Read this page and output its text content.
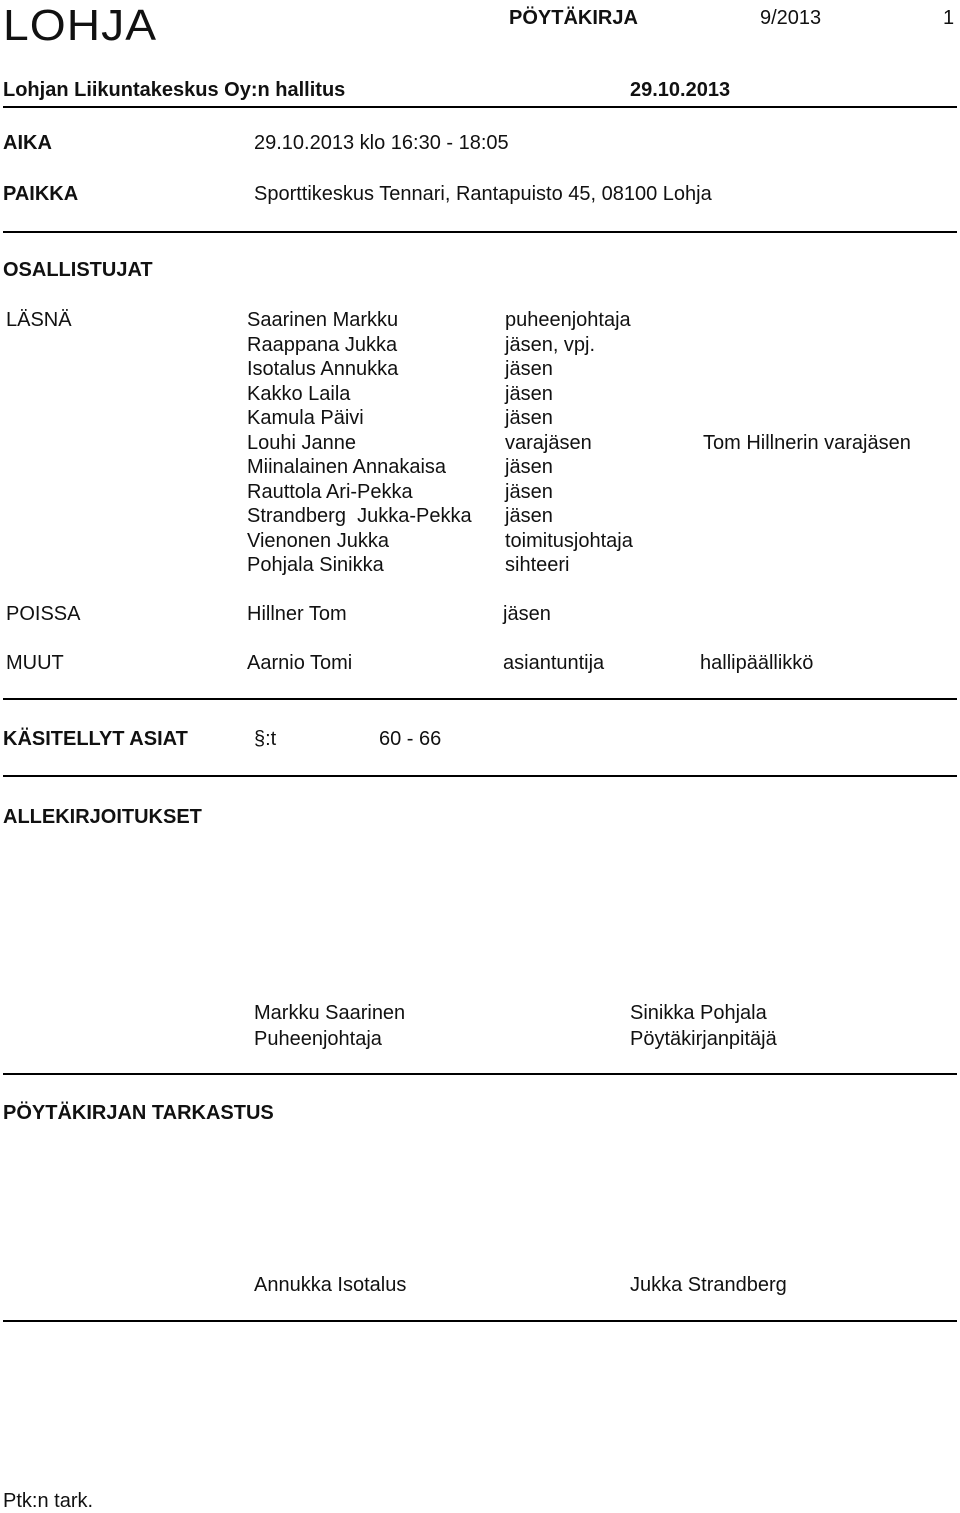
LOHJA	PÖYTÄKIRJA	9/2013	1
Lohjan Liikuntakeskus Oy:n hallitus	29.10.2013
AIKA	29.10.2013 klo 16:30 - 18:05
PAIKKA	Sporttikeskus Tennari, Rantapuisto 45, 08100 Lohja
OSALLISTUJAT
LÄSNÄ	Saarinen Markku	puheenjohtaja
Raappana Jukka	jäsen, vpj.
Isotalus Annukka	jäsen
Kakko Laila	jäsen
Kamula Päivi	jäsen
Louhi Janne	varajäsen	Tom Hillnerin varajäsen
Miinalainen Annakaisa	jäsen
Rauttola Ari-Pekka	jäsen
Strandberg  Jukka-Pekka jäsen
Vienonen Jukka	toimitusjohtaja
Pohjala Sinikka	sihteeri
POISSA	Hillner Tom	jäsen
MUUT	Aarnio Tomi	asiantuntija	hallipäällikkö
KÄSITELLYT ASIAT	§:t	60 - 66
ALLEKIRJOITUKSET
Markku Saarinen
Puheenjohtaja
Sinikka Pohjala
Pöytäkirjanpitäjä
PÖYTÄKIRJAN TARKASTUS
Annukka Isotalus	Jukka Strandberg
Ptk:n tark.
